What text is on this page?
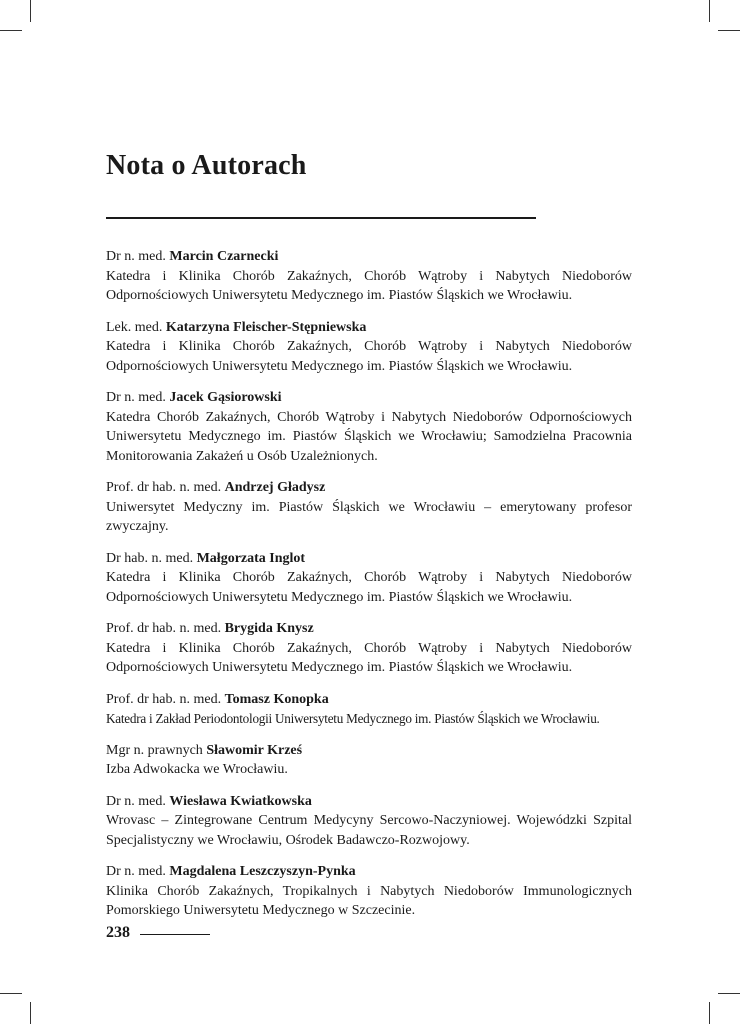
Nota o Autorach
Dr n. med. Marcin Czarnecki
Katedra i Klinika Chorób Zakaźnych, Chorób Wątroby i Nabytych Niedoborów Odpornościowych Uniwersytetu Medycznego im. Piastów Śląskich we Wrocławiu.
Lek. med. Katarzyna Fleischer-Stępniewska
Katedra i Klinika Chorób Zakaźnych, Chorób Wątroby i Nabytych Niedoborów Odpornościowych Uniwersytetu Medycznego im. Piastów Śląskich we Wrocławiu.
Dr n. med. Jacek Gąsiorowski
Katedra Chorób Zakaźnych, Chorób Wątroby i Nabytych Niedoborów Odpornościowych Uniwersytetu Medycznego im. Piastów Śląskich we Wrocławiu; Samodzielna Pracownia Monitorowania Zakażeń u Osób Uzależnionych.
Prof. dr hab. n. med. Andrzej Gładysz
Uniwersytet Medyczny im. Piastów Śląskich we Wrocławiu – emerytowany profesor zwyczajny.
Dr hab. n. med. Małgorzata Inglot
Katedra i Klinika Chorób Zakaźnych, Chorób Wątroby i Nabytych Niedoborów Odpornościowych Uniwersytetu Medycznego im. Piastów Śląskich we Wrocławiu.
Prof. dr hab. n. med. Brygida Knysz
Katedra i Klinika Chorób Zakaźnych, Chorób Wątroby i Nabytych Niedoborów Odpornościowych Uniwersytetu Medycznego im. Piastów Śląskich we Wrocławiu.
Prof. dr hab. n. med. Tomasz Konopka
Katedra i Zakład Periodontologii Uniwersytetu Medycznego im. Piastów Śląskich we Wrocławiu.
Mgr n. prawnych Sławomir Krześ
Izba Adwokacka we Wrocławiu.
Dr n. med. Wiesława Kwiatkowska
Wrovasc – Zintegrowane Centrum Medycyny Sercowo-Naczyniowej. Wojewódzki Szpital Specjalistyczny we Wrocławiu, Ośrodek Badawczo-Rozwojowy.
Dr n. med. Magdalena Leszczyszyn-Pynka
Klinika Chorób Zakaźnych, Tropikalnych i Nabytych Niedoborów Immunologicznych Pomorskiego Uniwersytetu Medycznego w Szczecinie.
238
